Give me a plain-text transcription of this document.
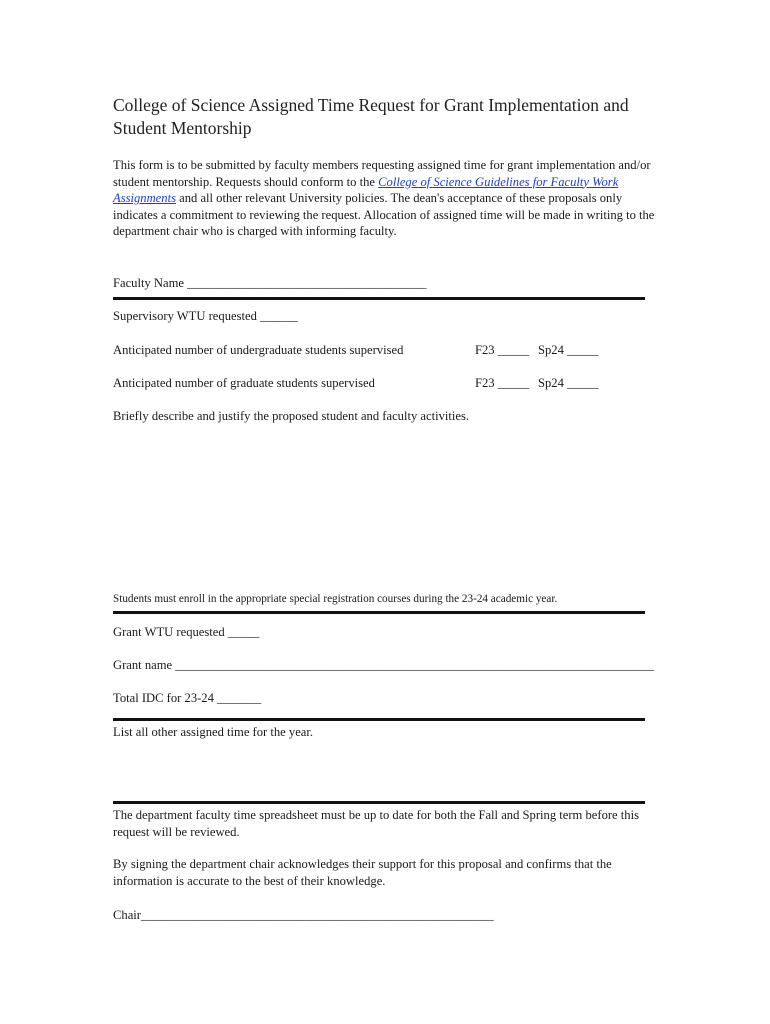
College of Science Assigned Time Request for Grant Implementation and Student Mentorship
This form is to be submitted by faculty members requesting assigned time for grant implementation and/or student mentorship. Requests should conform to the College of Science Guidelines for Faculty Work Assignments and all other relevant University policies. The dean's acceptance of these proposals only indicates a commitment to reviewing the request. Allocation of assigned time will be made in writing to the department chair who is charged with informing faculty.
Faculty Name ______________________________________
Supervisory WTU requested ______
Anticipated number of undergraduate students supervised	F23 _____ Sp24 _____
Anticipated number of graduate students supervised	F23 _____ Sp24 _____
Briefly describe and justify the proposed student and faculty activities.
Students must enroll in the appropriate special registration courses during the 23-24 academic year.
Grant WTU requested _____
Grant name ____________________________________________________________________________
Total IDC for 23-24 _______
List all other assigned time for the year.
The department faculty time spreadsheet must be up to date for both the Fall and Spring term before this request will be reviewed.
By signing the department chair acknowledges their support for this proposal and confirms that the information is accurate to the best of their knowledge.
Chair________________________________________________________
